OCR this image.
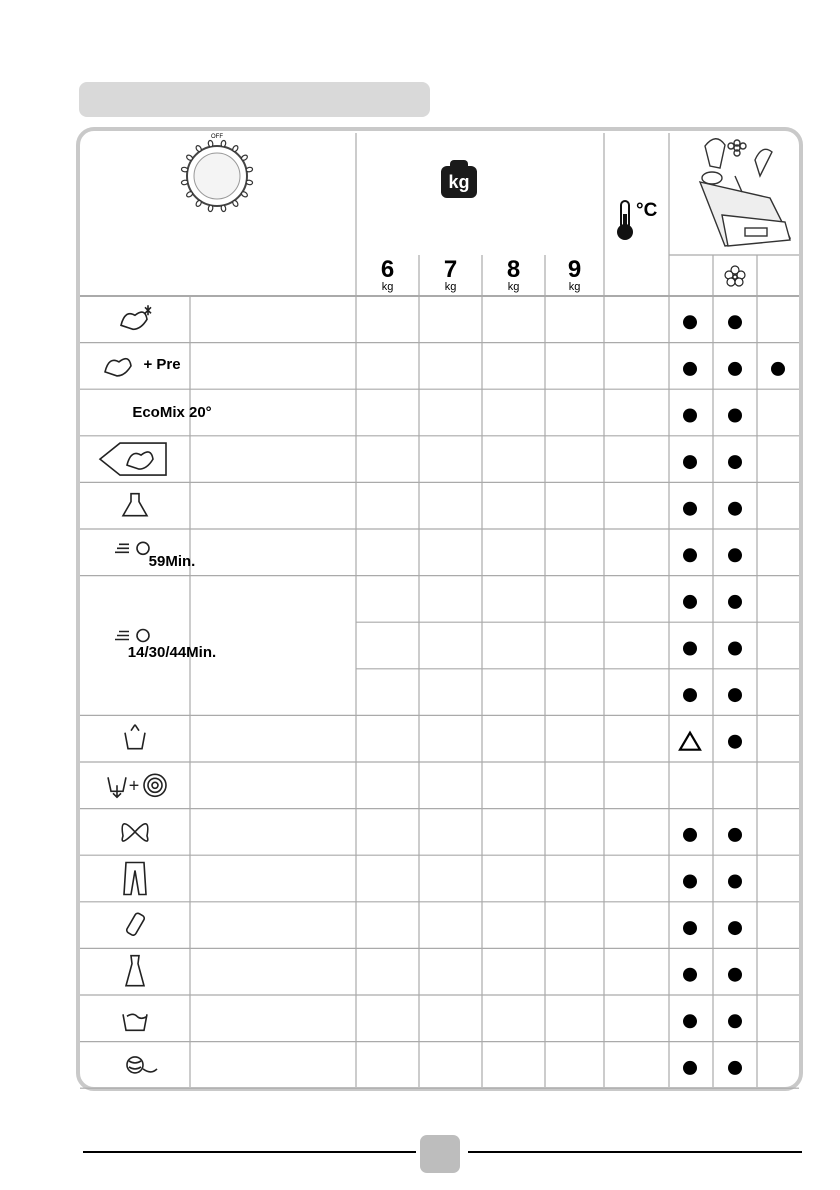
OFF
+
kg
°C
6
kg
7
kg
8
kg
9
kg
+ Pre
EcoMix 20°
59Min.
14/30/44Min.
